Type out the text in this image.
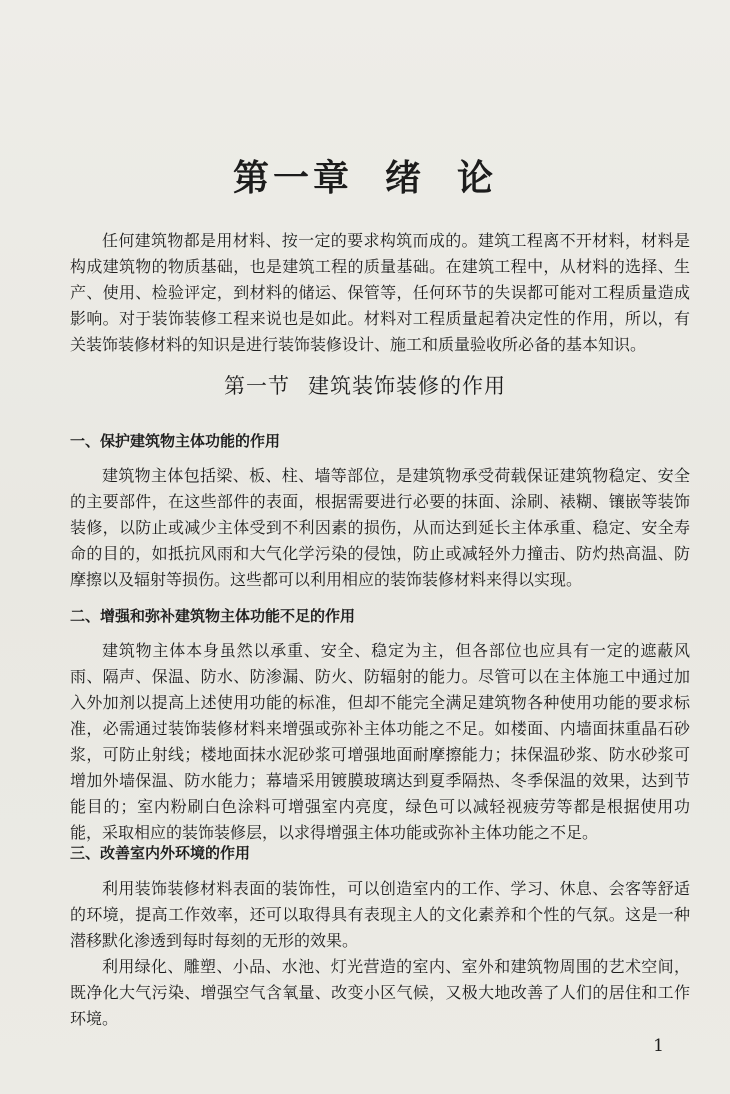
第一章 绪 论

任何建筑物都是用材料、按一定的要求构筑而成的。建筑工程离不开材料，材料是构成建筑物的物质基础，也是建筑工程的质量基础。在建筑工程中，从材料的选择、生产、使用、检验评定，到材料的储运、保管等，任何环节的失误都可能对工程质量造成影响。对于装饰装修工程来说也是如此。材料对工程质量起着决定性的作用，所以，有关装饰装修材料的知识是进行装饰装修设计、施工和质量验收所必备的基本知识。

第一节 建筑装饰装修的作用
一、保护建筑物主体功能的作用

建筑物主体包括梁、板、柱、墙等部位，是建筑物承受荷载保证建筑物稳定、安全的主要部件，在这些部件的表面，根据需要进行必要的抹面、涂刷、裱糊、镶嵌等装饰装修，以防止或减少主体受到不利因素的损伤，从而达到延长主体承重、稳定、安全寿命的目的，如抵抗风雨和大气化学污染的侵蚀，防止或减轻外力撞击、防灼热高温、防摩擦以及辐射等损伤。这些都可以利用相应的装饰装修材料来得以实现。

二、增强和弥补建筑物主体功能不足的作用

建筑物主体本身虽然以承重、安全、稳定为主，但各部位也应具有一定的遮蔽风雨、隔声、保温、防水、防渗漏、防火、防辐射的能力。尽管可以在主体施工中通过加入外加剂以提高上述使用功能的标准，但却不能完全满足建筑物各种使用功能的要求标准，必需通过装饰装修材料来增强或弥补主体功能之不足。如楼面、内墙面抹重晶石砂浆，可防止射线；楼地面抹水泥砂浆可增强地面耐摩擦能力；抹保温砂浆、防水砂浆可增加外墙保温、防水能力；幕墙采用镀膜玻璃达到夏季隔热、冬季保温的效果，达到节能目的；室内粉刷白色涂料可增强室内亮度，绿色可以减轻视疲劳等都是根据使用功能，采取相应的装饰装修层，以求得增强主体功能或弥补主体功能之不足。

三、改善室内外环境的作用

利用装饰装修材料表面的装饰性，可以创造室内的工作、学习、休息、会客等舒适的环境，提高工作效率，还可以取得具有表现主人的文化素养和个性的气氛。这是一种潜移默化渗透到每时每刻的无形的效果。

利用绿化、雕塑、小品、水池、灯光营造的室内、室外和建筑物周围的艺术空间，既净化大气污染、增强空气含氧量、改变小区气候，又极大地改善了人们的居住和工作环境。

1
